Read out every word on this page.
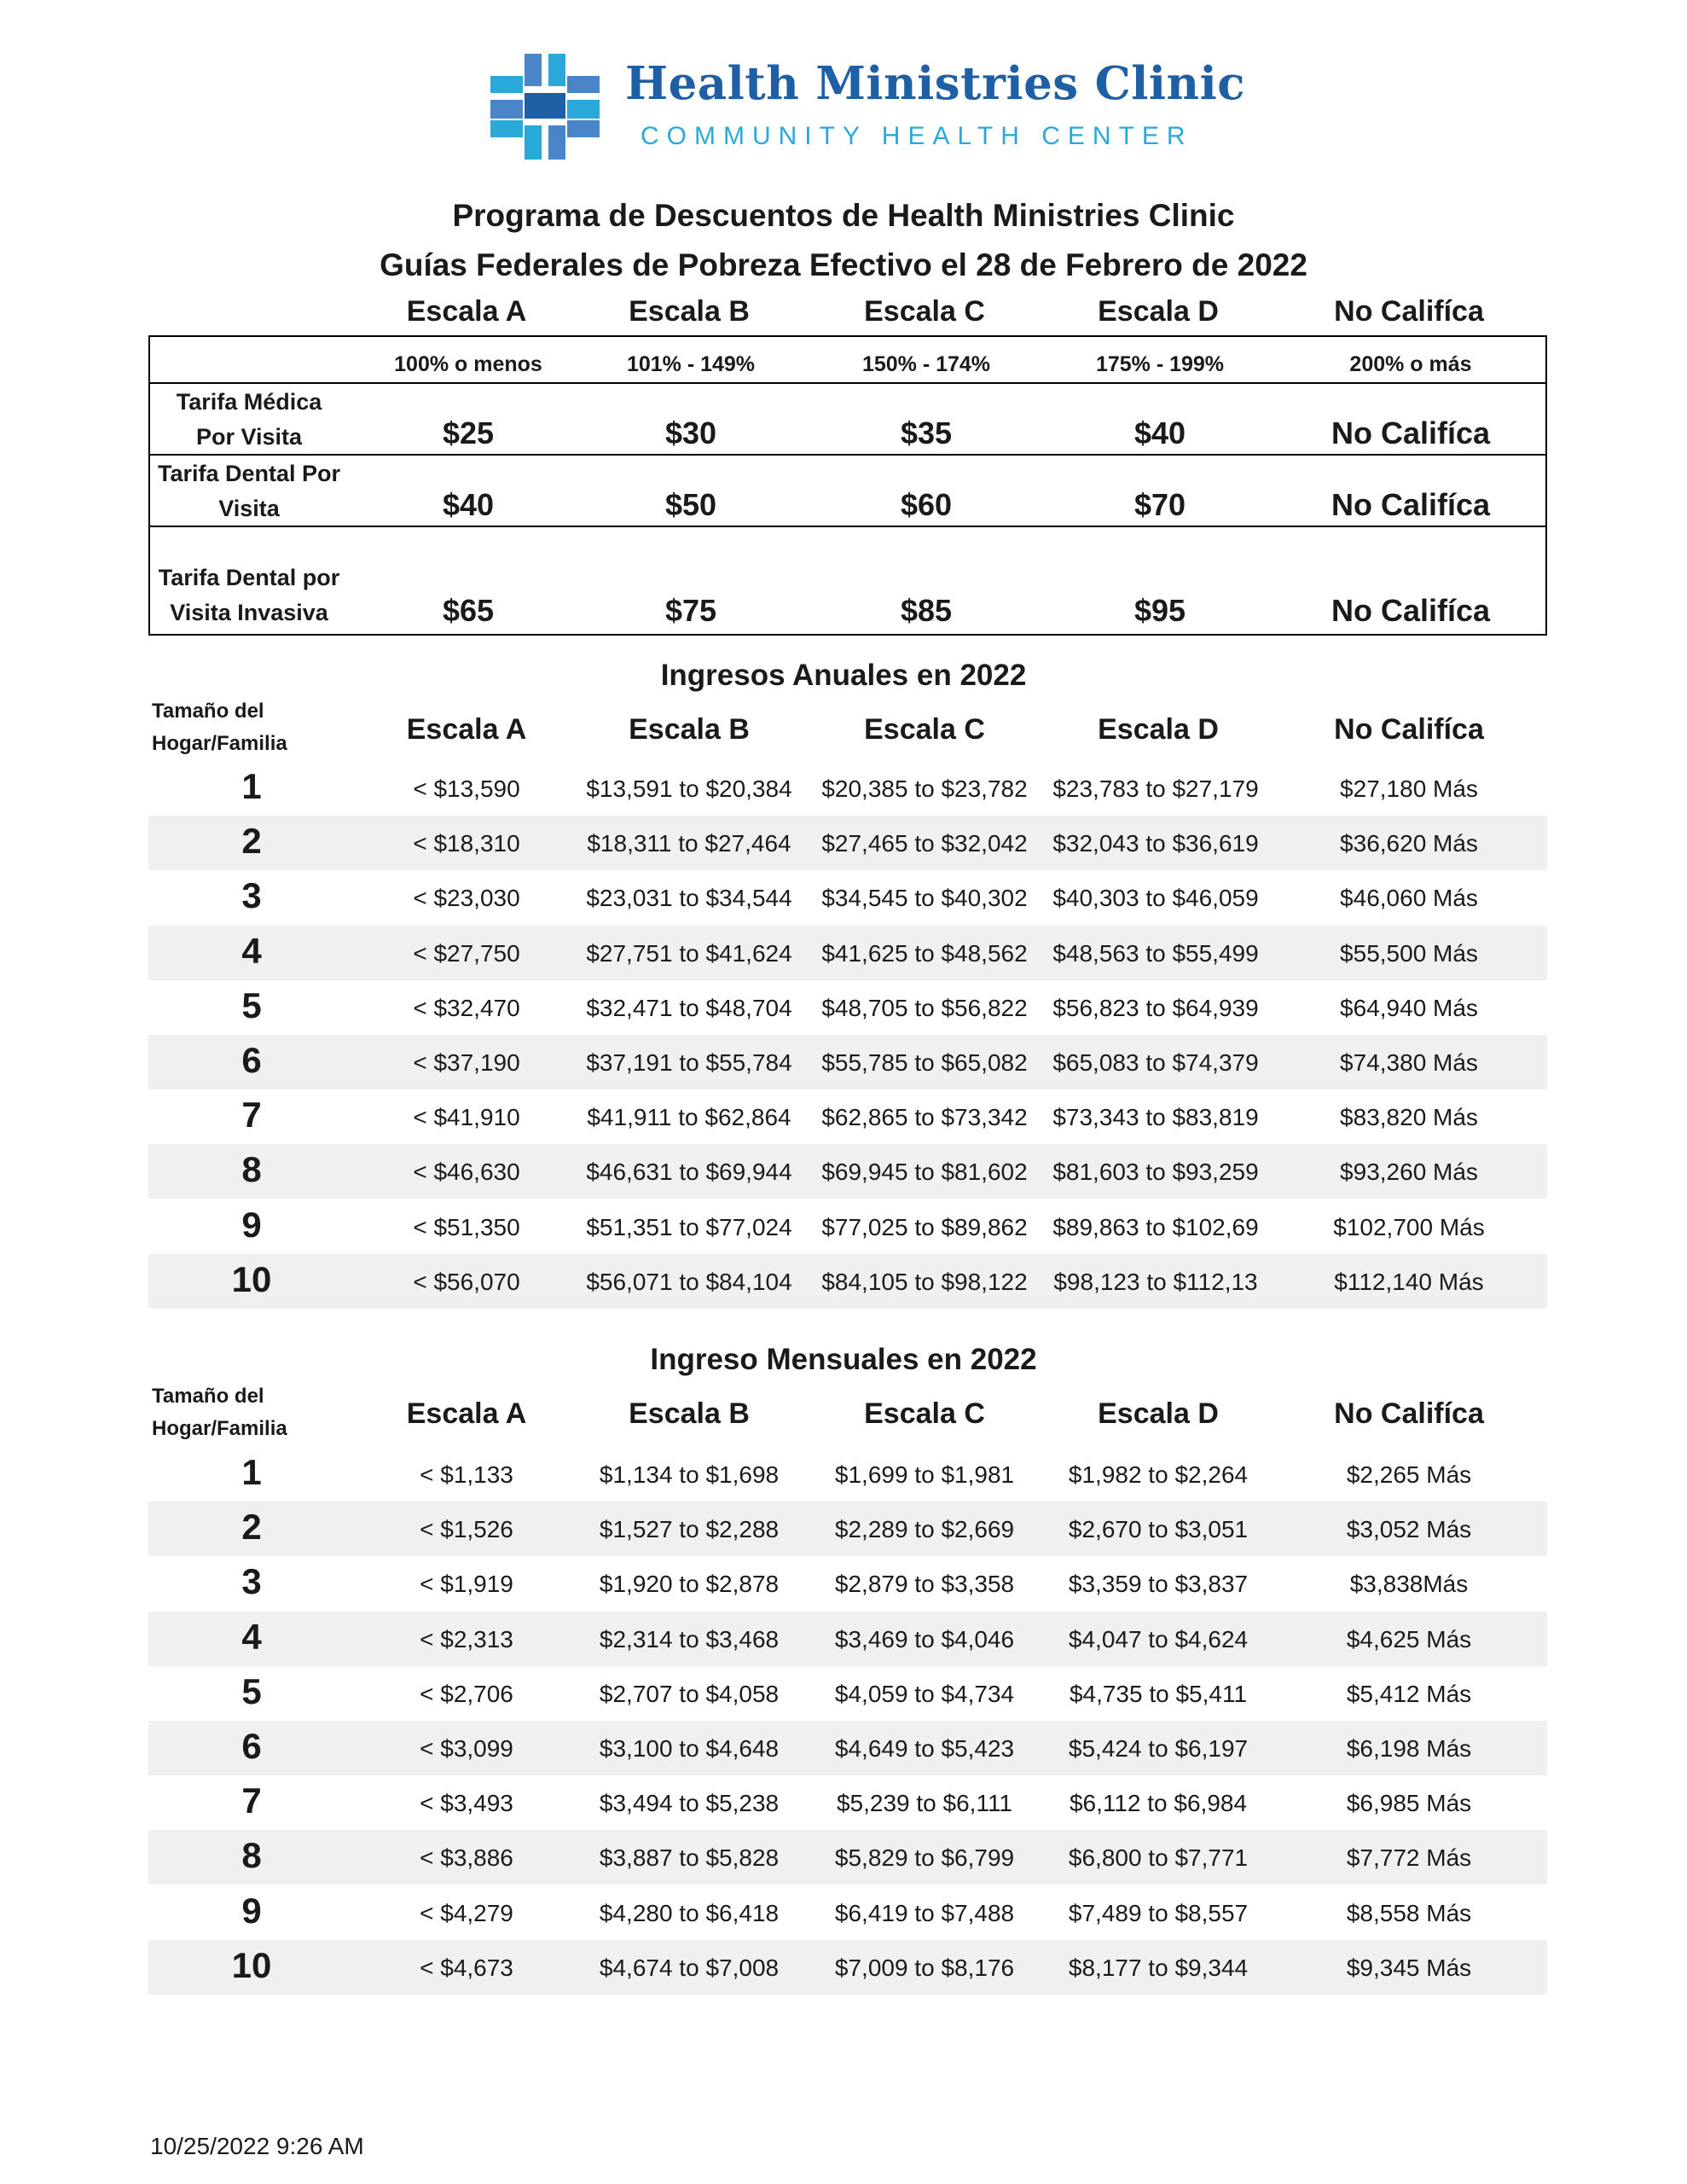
Health Ministries Clinic
COMMUNITY HEALTH CENTER
Programa de Descuentos de Health Ministries Clinic
Guías Federales de Pobreza Efectivo el 28 de Febrero de 2022
Escala A	Escala B	Escala C	Escala D	No Califíca
100% o menos	101% - 149%	150% - 174%	175% - 199%	200% o más
Tarifa Médica
Por Visita	$25	$30	$35	$40	No Califíca
Tarifa Dental Por
Visita	$40	$50	$60	$70	No Califíca
Tarifa Dental por
Visita Invasiva	$65	$75	$85	$95	No Califíca
Ingresos Anuales en 2022
Tamaño del
Hogar/Familia	Escala A	Escala B	Escala C	Escala D	No Califíca
1	< $13,590	$13,591 to $20,384	$20,385 to $23,782	$23,783 to $27,179	$27,180 Más
2	< $18,310	$18,311 to $27,464	$27,465 to $32,042	$32,043 to $36,619	$36,620 Más
3	< $23,030	$23,031 to $34,544	$34,545 to $40,302	$40,303 to $46,059	$46,060 Más
4	< $27,750	$27,751 to $41,624	$41,625 to $48,562	$48,563 to $55,499	$55,500 Más
5	< $32,470	$32,471 to $48,704	$48,705 to $56,822	$56,823 to $64,939	$64,940 Más
6	< $37,190	$37,191 to $55,784	$55,785 to $65,082	$65,083 to $74,379	$74,380 Más
7	< $41,910	$41,911 to $62,864	$62,865 to $73,342	$73,343 to $83,819	$83,820 Más
8	< $46,630	$46,631 to $69,944	$69,945 to $81,602	$81,603 to $93,259	$93,260 Más
9	< $51,350	$51,351 to $77,024	$77,025 to $89,862	$89,863 to $102,69	$102,700 Más
10	< $56,070	$56,071 to $84,104	$84,105 to $98,122	$98,123 to $112,13	$112,140 Más
Ingreso Mensuales en 2022
Tamaño del
Hogar/Familia	Escala A	Escala B	Escala C	Escala D	No Califíca
1	< $1,133	$1,134 to $1,698	$1,699 to $1,981	$1,982 to $2,264	$2,265 Más
2	< $1,526	$1,527 to $2,288	$2,289 to $2,669	$2,670 to $3,051	$3,052 Más
3	< $1,919	$1,920 to $2,878	$2,879 to $3,358	$3,359 to $3,837	$3,838Más
4	< $2,313	$2,314 to $3,468	$3,469 to $4,046	$4,047 to $4,624	$4,625 Más
5	< $2,706	$2,707 to $4,058	$4,059 to $4,734	$4,735 to $5,411	$5,412 Más
6	< $3,099	$3,100 to $4,648	$4,649 to $5,423	$5,424 to $6,197	$6,198 Más
7	< $3,493	$3,494 to $5,238	$5,239 to $6,111	$6,112 to $6,984	$6,985 Más
8	< $3,886	$3,887 to $5,828	$5,829 to $6,799	$6,800 to $7,771	$7,772 Más
9	< $4,279	$4,280 to $6,418	$6,419 to $7,488	$7,489 to $8,557	$8,558 Más
10	< $4,673	$4,674 to $7,008	$7,009 to $8,176	$8,177 to $9,344	$9,345 Más
10/25/2022 9:26 AM
